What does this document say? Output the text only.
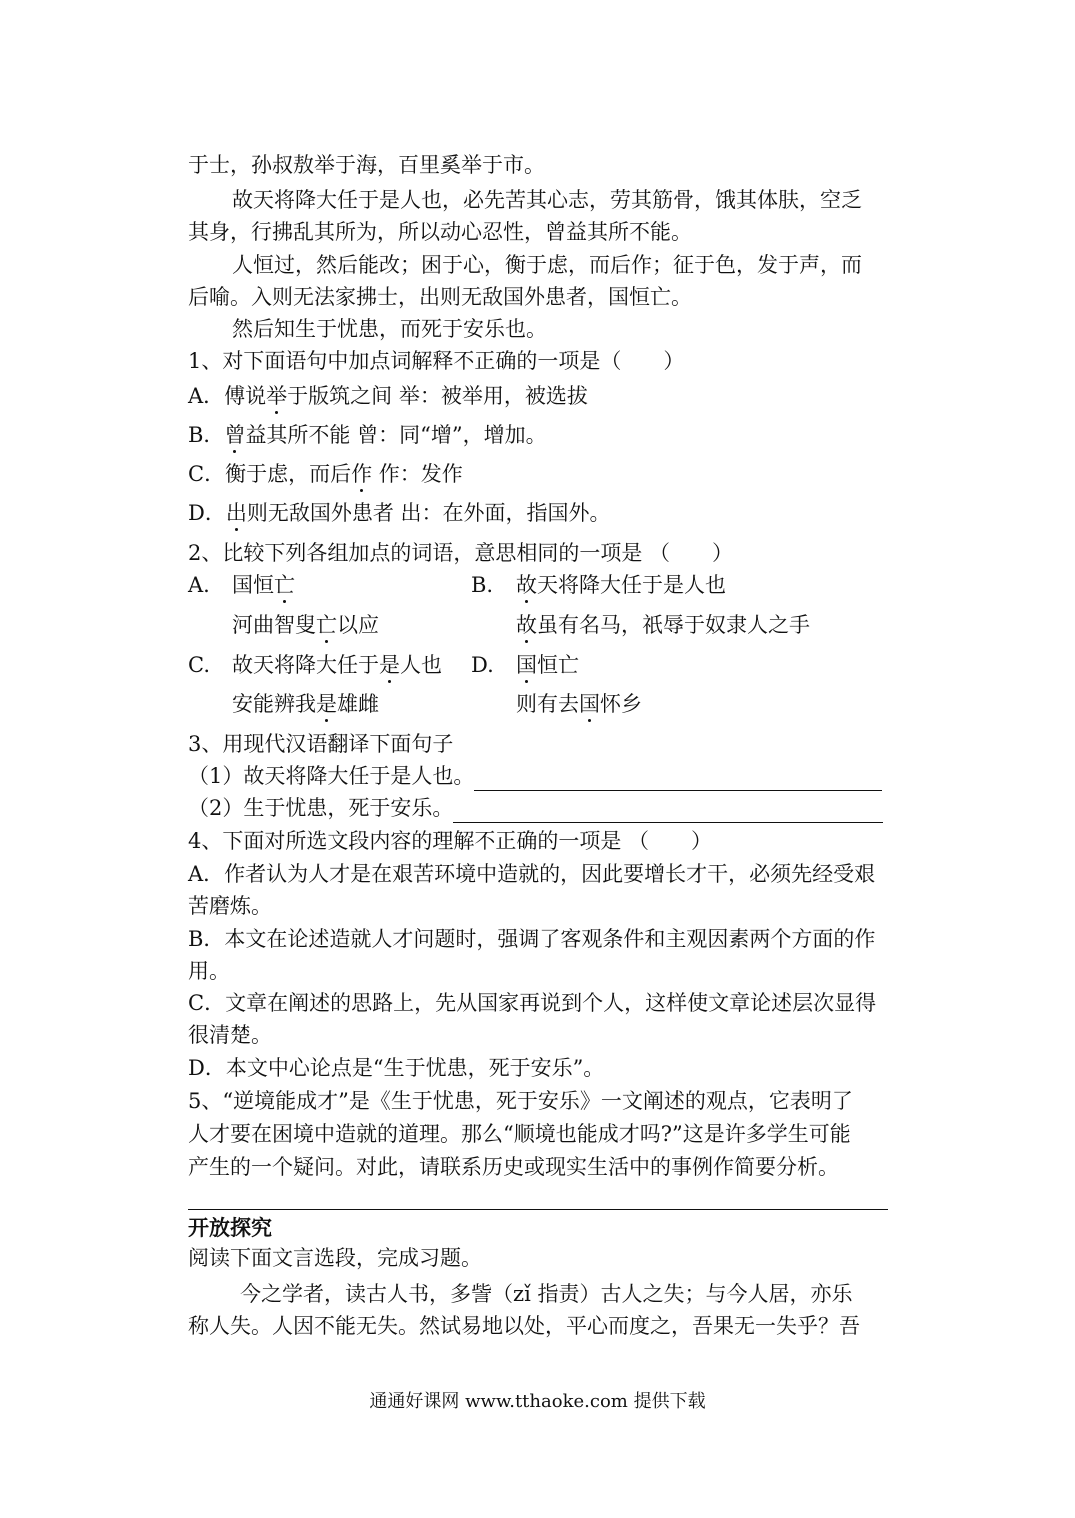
于士，孙叔敖举于海，百里奚举于市。
故天将降大任于是人也，必先苦其心志，劳其筋骨，饿其体肤，空乏
其身，行拂乱其所为，所以动心忍性，曾益其所不能。
人恒过，然后能改；困于心，衡于虑，而后作；征于色，发于声，而
后喻。入则无法家拂士，出则无敌国外患者，国恒亡。
然后知生于忧患，而死于安乐也。
1、对下面语句中加点词解释不正确的一项是（　　）
A．傅说举于版筑之间 举：被举用，被选拔
B．曾益其所不能 曾：同“增”，增加。
C．衡于虑，而后作 作：发作
D．出则无敌国外患者 出：在外面，指国外。
2、比较下列各组加点的词语，意思相同的一项是 （　　）
A. 国恒亡	B. 故天将降大任于是人也
河曲智叟亡以应	故虽有名马，祇辱于奴隶人之手
C. 故天将降大任于是人也 D. 国恒亡
安能辨我是雄雌	则有去国怀乡
3、用现代汉语翻译下面句子
（1）故天将降大任于是人也。
（2）生于忧患，死于安乐。
4、下面对所选文段内容的理解不正确的一项是 （　　）
A．作者认为人才是在艰苦环境中造就的，因此要增长才干，必须先经受艰
苦磨炼。
B．本文在论述造就人才问题时，强调了客观条件和主观因素两个方面的作
用。
C．文章在阐述的思路上，先从国家再说到个人，这样使文章论述层次显得
很清楚。
D．本文中心论点是“生于忧患，死于安乐”。
5、“逆境能成才”是《生于忧患，死于安乐》一文阐述的观点，它表明了
人才要在困境中造就的道理。那么“顺境也能成才吗?”这是许多学生可能
产生的一个疑问。对此，请联系历史或现实生活中的事例作简要分析。
开放探究
阅读下面文言选段，完成习题。
今之学者，读古人书，多訾（zǐ 指责）古人之失；与今人居，亦乐
称人失。人因不能无失。然试易地以处，平心而度之，吾果无一失乎？吾
通通好课网 www.tthaoke.com 提供下载
